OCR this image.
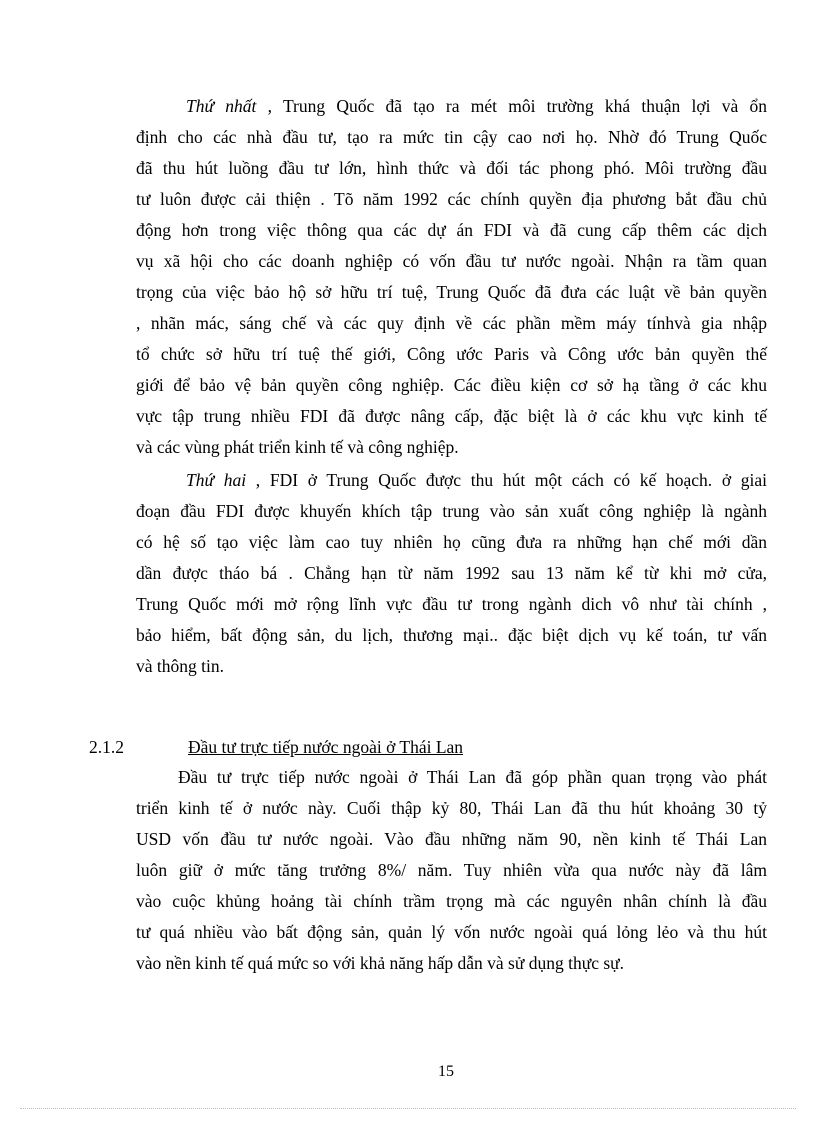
Thứ nhất , Trung Quốc đã tạo ra mét môi trường khá thuận lợi và ổn
định cho các nhà đầu tư, tạo ra mức tin cậy cao nơi họ. Nhờ đó Trung Quốc
đã thu hút luồng đầu tư lớn, hình thức và đối tác phong phó. Môi trường đầu
tư luôn được cải thiện . Tõ năm 1992 các chính quyền địa phương bắt đầu chủ
động hơn trong việc thông qua các dự án FDI và đã cung cấp thêm các dịch
vụ xã hội cho các doanh nghiệp có vốn đầu tư nước ngoài. Nhận ra tầm quan
trọng của việc bảo hộ sở hữu trí tuệ, Trung Quốc đã đưa các luật về bản quyền
, nhãn mác, sáng chế và các quy định về các phần mềm máy tínhvà gia nhập
tổ chức sở hữu trí tuệ thế giới, Công ước Paris và Công ước bản quyền thế
giới để bảo vệ bản quyền công nghiệp. Các điều kiện cơ sở hạ tầng ở các khu
vực tập trung nhiều FDI đã được nâng cấp, đặc biệt là ở các khu vực kinh tế
và các vùng phát triển kinh tế và công nghiệp.
Thứ hai , FDI ở Trung Quốc được thu hút một cách có kế hoạch. ở giai
đoạn đầu FDI được khuyến khích tập trung vào sản xuất công nghiệp là ngành
có hệ số tạo việc làm cao tuy nhiên họ cũng đưa ra những hạn chế mới dần
dần được tháo bá . Chẳng hạn từ năm 1992 sau 13 năm kể từ khi mở cửa,
Trung Quốc mới mở rộng lĩnh vực đầu tư trong ngành dich vô như tài chính ,
bảo hiểm, bất động sản, du lịch, thương mại.. đặc biệt dịch vụ kế toán, tư vấn
và thông tin.
2.1.2	Đầu tư trực tiếp nước ngoài ở Thái Lan
Đầu tư trực tiếp nước ngoài ở Thái Lan đã góp phần quan trọng vào phát
triển kinh tế ở nước này. Cuối thập kỷ 80, Thái Lan đã thu hút khoảng 30 tỷ
USD vốn đầu tư nước ngoài. Vào đầu những năm 90, nền kinh tế Thái Lan
luôn giữ ở mức tăng trưởng 8%/ năm. Tuy nhiên vừa qua nước này đã lâm
vào cuộc khủng hoảng tài chính trầm trọng mà các nguyên nhân chính là đầu
tư quá nhiều vào bất động sản, quản lý vốn nước ngoài quá lỏng lẻo và thu hút
vào nền kinh tế quá mức so với khả năng hấp dẫn và sử dụng thực sự.
15
